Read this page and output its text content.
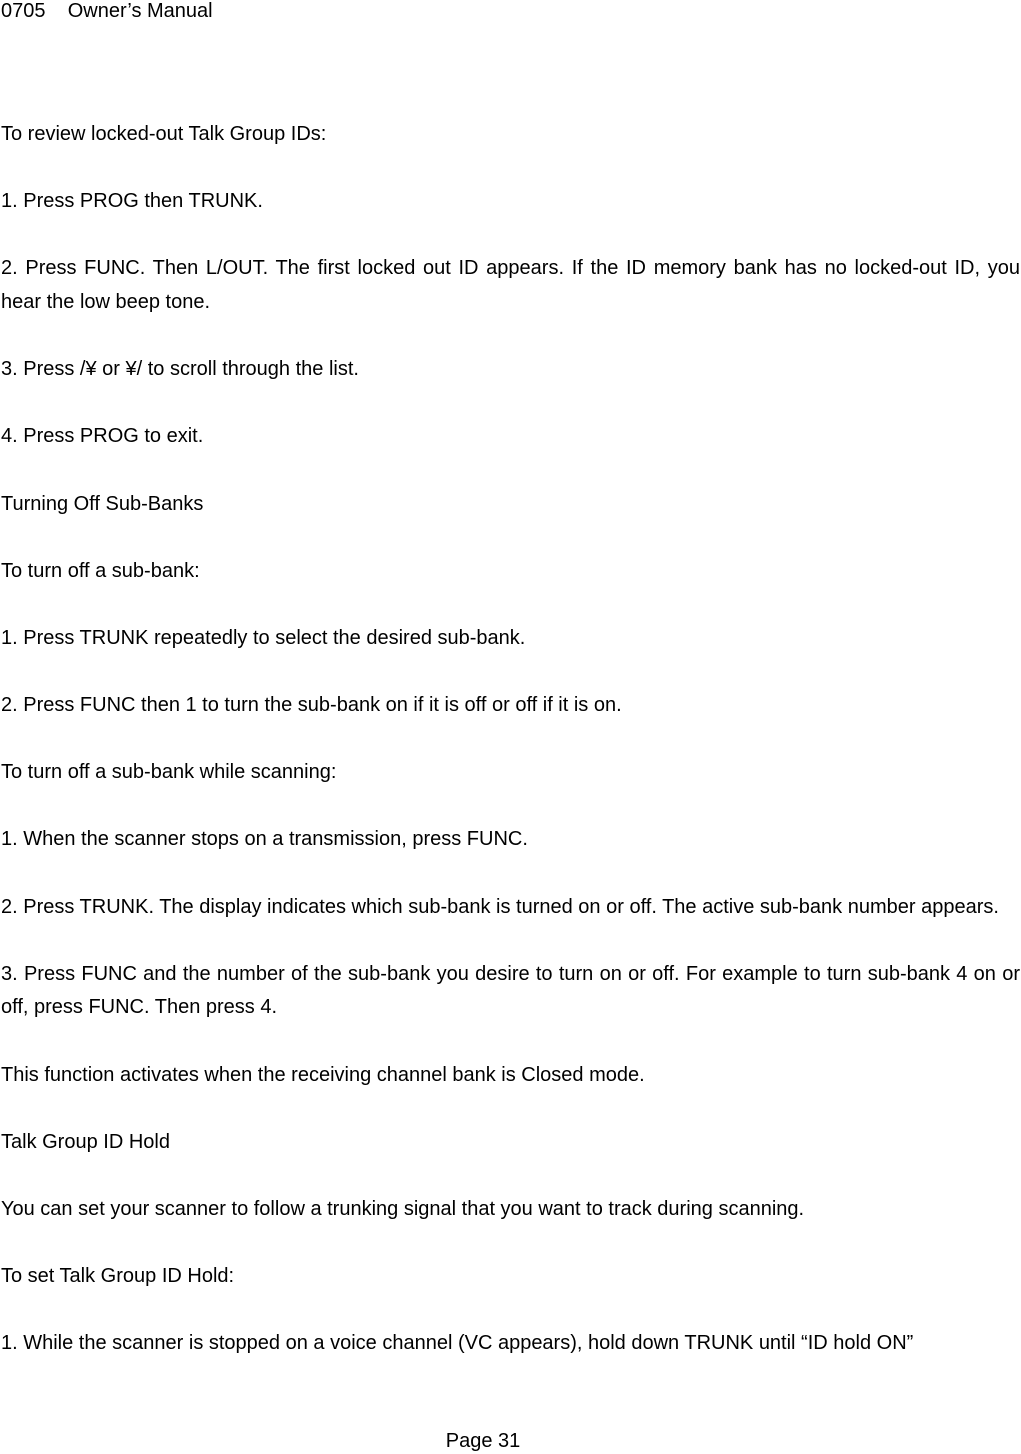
0705 Owner’s Manual

To review locked-out Talk Group IDs:

1. Press PROG then TRUNK.

2. Press FUNC. Then L/OUT. The first locked out ID appears. If the ID memory bank has no locked-out ID, you hear the low beep tone.

3. Press /¥ or ¥/ to scroll through the list.

4. Press PROG to exit.

Turning Off Sub-Banks

To turn off a sub-bank:

1. Press TRUNK repeatedly to select the desired sub-bank.

2. Press FUNC then 1 to turn the sub-bank on if it is off or off if it is on.

To turn off a sub-bank while scanning:

1. When the scanner stops on a transmission, press FUNC.

2. Press TRUNK. The display indicates which sub-bank is turned on or off. The active sub-bank number appears.

3. Press FUNC and the number of the sub-bank you desire to turn on or off. For example to turn sub-bank 4 on or off, press FUNC. Then press 4.

This function activates when the receiving channel bank is Closed mode.

Talk Group ID Hold

You can set your scanner to follow a trunking signal that you want to track during scanning.

To set Talk Group ID Hold:

1. While the scanner is stopped on a voice channel (VC appears), hold down TRUNK until “ID hold ON”

Page 31
